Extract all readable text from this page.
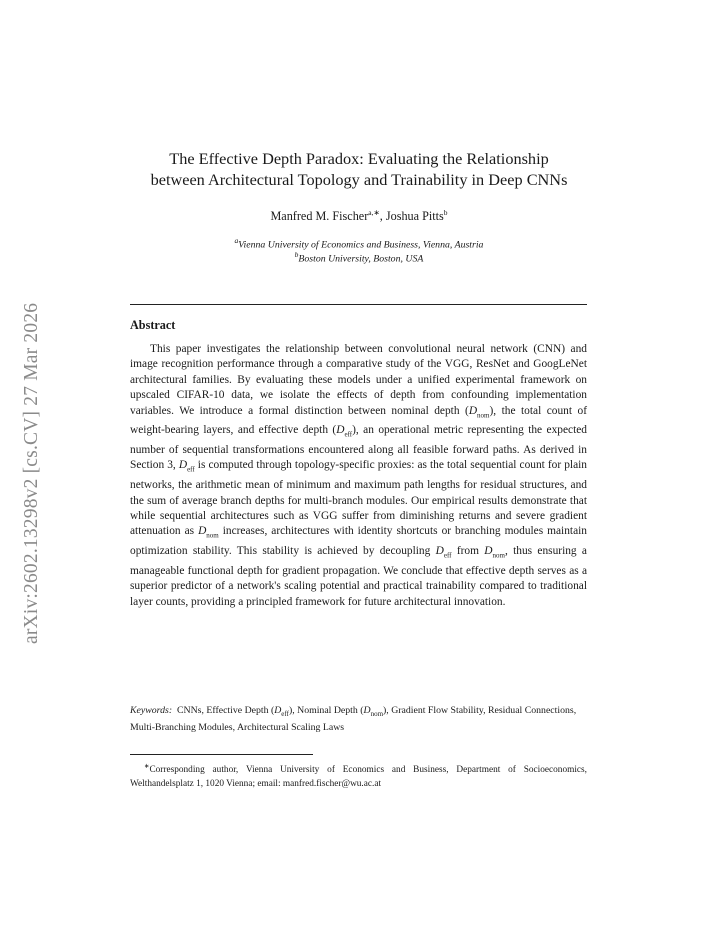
arXiv:2602.13298v2 [cs.CV] 27 Mar 2026
The Effective Depth Paradox: Evaluating the Relationship
between Architectural Topology and Trainability in Deep CNNs
Manfred M. Fischer$^{a,∗}$, Joshua Pitts$^b$
$^a$Vienna University of Economics and Business, Vienna, Austria
$^b$Boston University, Boston, USA
Abstract
This paper investigates the relationship between convolutional neural network (CNN) and image recognition performance through a comparative study of the VGG, ResNet and GoogLeNet architectural families. By evaluating these models under a unified experimental framework on upscaled CIFAR-10 data, we isolate the effects of depth from confounding implementation variables. We introduce a formal distinction between nominal depth $(D_{nom})$, the total count of weight-bearing layers, and effective depth $(D_{eff})$, an operational metric representing the expected number of sequential transformations encountered along all feasible forward paths. As derived in Section 3, $D_{eff}$ is computed through topology-specific proxies: as the total sequential count for plain networks, the arithmetic mean of minimum and maximum path lengths for residual structures, and the sum of average branch depths for multi-branch modules. Our empirical results demonstrate that while sequential architectures such as VGG suffer from diminishing returns and severe gradient attenuation as $D_{nom}$ increases, architectures with identity shortcuts or branching modules maintain optimization stability. This stability is achieved by decoupling $D_{eff}$ from $D_{nom}$, thus ensuring a manageable functional depth for gradient propagation. We conclude that effective depth serves as a superior predictor of a network's scaling potential and practical trainability compared to traditional layer counts, providing a principled framework for future architectural innovation.
Keywords: CNNs, Effective Depth $(D_{eff})$, Nominal Depth $(D_{nom})$, Gradient Flow Stability, Residual Connections, Multi-Branching Modules, Architectural Scaling Laws
∗Corresponding author, Vienna University of Economics and Business, Department of Socioeconomics, Welthandelsplatz 1, 1020 Vienna; email: manfred.fischer@wu.ac.at
